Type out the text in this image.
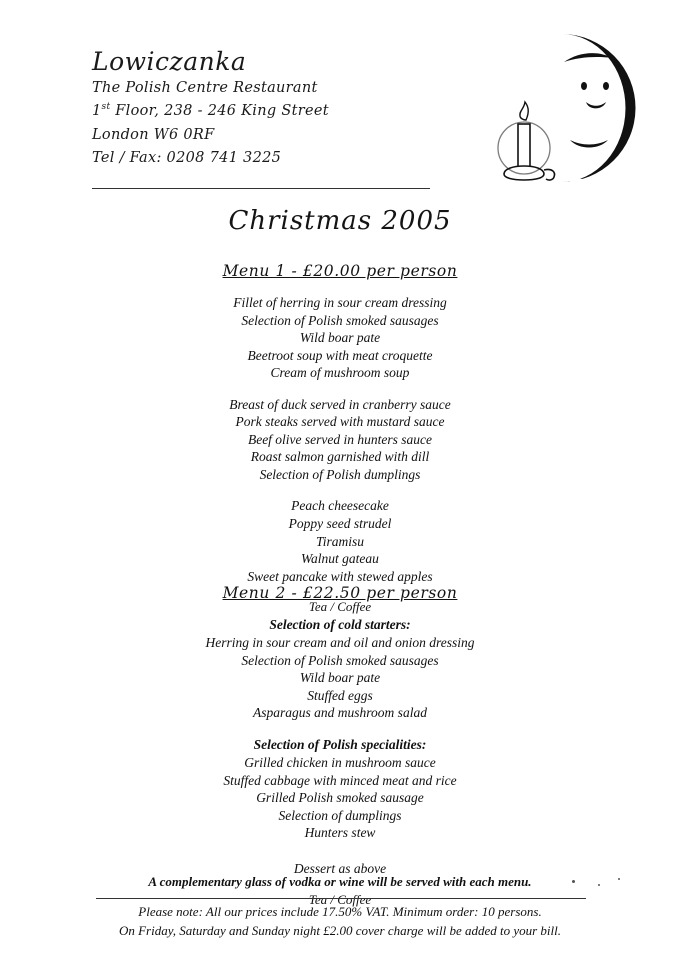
Lowiczanka
The Polish Centre Restaurant
1st Floor, 238 - 246 King Street
London W6 0RF
Tel / Fax: 0208 741 3225
Christmas 2005
Menu 1 - £20.00 per person
Fillet of herring in sour cream dressing
Selection of Polish smoked sausages
Wild boar pate
Beetroot soup with meat croquette
Cream of mushroom soup
Breast of duck served in cranberry sauce
Pork steaks served with mustard sauce
Beef olive served in hunters sauce
Roast salmon garnished with dill
Selection of Polish dumplings
Peach cheesecake
Poppy seed strudel
Tiramisu
Walnut gateau
Sweet pancake with stewed apples
Tea / Coffee
Menu 2 - £22.50 per person
Selection of cold starters:
Herring in sour cream and oil and onion dressing
Selection of Polish smoked sausages
Wild boar pate
Stuffed eggs
Asparagus and mushroom salad
Selection of Polish specialities:
Grilled chicken in mushroom sauce
Stuffed cabbage with minced meat and rice
Grilled Polish smoked sausage
Selection of dumplings
Hunters stew
Dessert as above
Tea / Coffee
A complementary glass of vodka or wine will be served with each menu.
Please note: All our prices include 17.50% VAT. Minimum order: 10 persons.
On Friday, Saturday and Sunday night £2.00 cover charge will be added to your bill.
